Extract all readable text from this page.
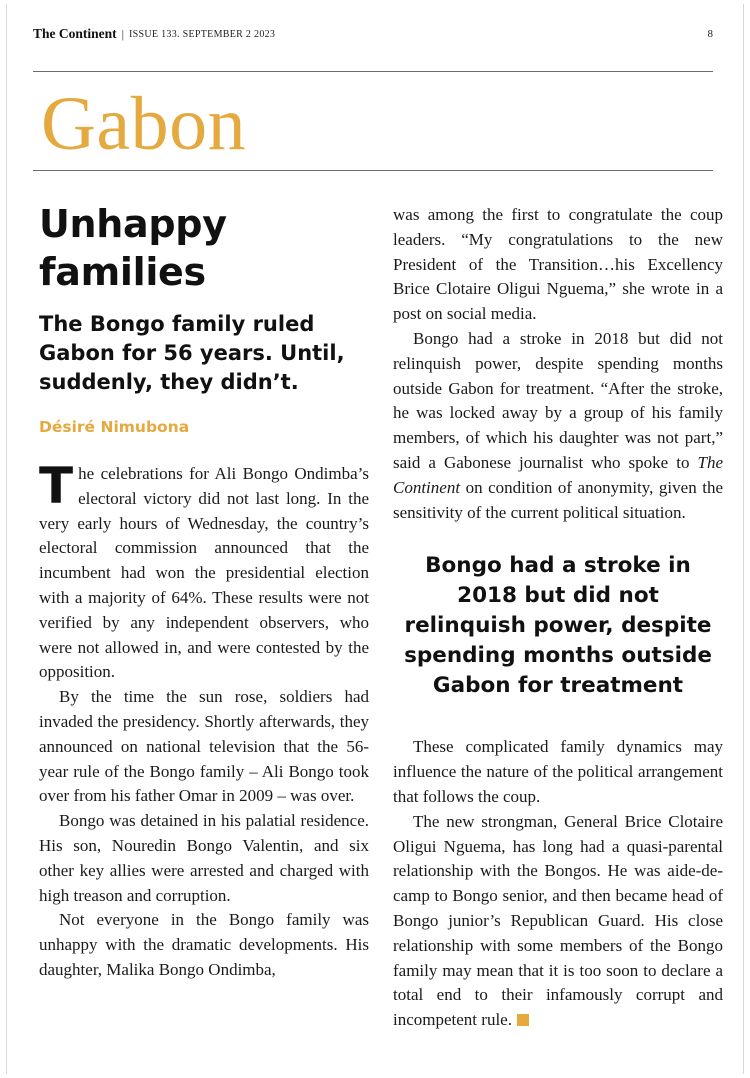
The Continent | ISSUE 133. SEPTEMBER 2 2023	8
Gabon
Unhappy
families

The Bongo family ruled Gabon for 56 years. Until, suddenly, they didn’t.

Désiré Nimubona

The celebrations for Ali Bongo Ondimba’s electoral victory did not last long. In the very early hours of Wednesday, the country’s electoral commission announced that the incumbent had won the presidential election with a majority of 64%. These results were not verified by any independent observers, who were not allowed in, and were contested by the opposition.

By the time the sun rose, soldiers had invaded the presidency. Shortly afterwards, they announced on national television that the 56-year rule of the Bongo family – Ali Bongo took over from his father Omar in 2009 – was over.

Bongo was detained in his palatial residence. His son, Nouredin Bongo Valentin, and six other key allies were arrested and charged with high treason and corruption.

Not everyone in the Bongo family was unhappy with the dramatic developments. His daughter, Malika Bongo Ondimba,

was among the first to congratulate the coup leaders. “My congratulations to the new President of the Transition…his Excellency Brice Clotaire Oligui Nguema,” she wrote in a post on social media.

Bongo had a stroke in 2018 but did not relinquish power, despite spending months outside Gabon for treatment. “After the stroke, he was locked away by a group of his family members, of which his daughter was not part,” said a Gabonese journalist who spoke to The Continent on condition of anonymity, given the sensitivity of the current political situation.

Bongo had a stroke in 2018 but did not relinquish power, despite spending months outside Gabon for treatment

These complicated family dynamics may influence the nature of the political arrangement that follows the coup.

The new strongman, General Brice Clotaire Oligui Nguema, has long had a quasi-parental relationship with the Bongos. He was aide-de-camp to Bongo senior, and then became head of Bongo junior’s Republican Guard. His close relationship with some members of the Bongo family may mean that it is too soon to declare a total end to their infamously corrupt and incompetent rule.
